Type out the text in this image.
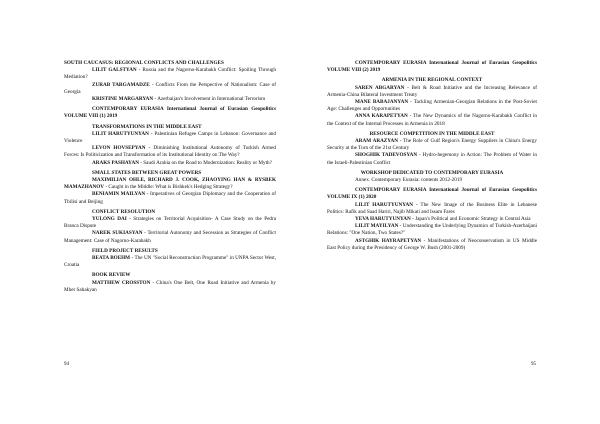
SOUTH CAUCASUS: REGIONAL CONFLICTS AND CHALLENGES

LILIT GALSTYAN - Russia and the Nagorno-Karabakh Conflict: Spoiling Through Mediation?

ZURAB TARGAMADZE - Conflicts From the Perspective of Nationalism: Case of Georgia

KRISTINE MARGARYAN - Azerbaijan's Involvement in International Terrorism

CONTEMPORARY EURASIA International Journal of Eurasian Geopolitics VOLUME VIII (1) 2019

TRANSFORMATIONS IN THE MIDDLE EAST

LILIT HARUTYUNYAN - Palestinian Refugee Camps in Lebanon: Governance and Violence

LEVON HOVSEPYAN - Diminishing Institutional Autonomy of Turkish Armed Forces: Is Politicization and Transformation of its Institutional Identity on The Way?

ARAKS PASHAYAN - Saudi Arabia on the Road to Modernization: Reality or Myth?

SMALL STATES BETWEEN GREAT POWERS

MAXIMILIAN OHLE, RICHARD J. COOK, ZHAOYING HAN & RYSBEK MAMAZHANOV - Caught in the Middle: What is Bishkek's Hedging Strategy?

BENIAMIN MAILYAN - Imperatives of Georgian Diplomacy and the Cooperation of Tbilisi and Beijing

CONFLICT RESOLUTION

YULONG DAI - Strategies on Territorial Acquisition- A Case Study on the Pedra Branca Dispute

NAREK SUKIASYAN - Territorial Autonomy and Secession as Strategies of Conflict Management: Case of Nagorno-Karabakh

FIELD PROJECT RESULTS

BEATA BOEHM - The UN "Social Reconstruction Programme" in UNPA Sector West, Croatia

BOOK REVIEW

MATTHEW CROSSTON - China's One Belt, One Road Initiative and Armenia by Mher Sahakyan

94

CONTEMPORARY EURASIA International Journal of Eurasian Geopolitics VOLUME VIII (2) 2019

ARMENIA IN THE REGIONAL CONTEXT

SAREN ABGARYAN - Belt & Road Initiative and the Increasing Relevance of Armenia-China Bilateral Investment Treaty

MANE BABAJANYAN - Tackling Armenian-Georgian Relations in the Post-Soviet Age: Challenges and Opportunities

ANNA KARAPETYAN - The New Dynamics of the Nagorno-Karabakh Conflict in the Context of the Internal Processes in Armenia in 2018

RESOURCE COMPETITION IN THE MIDDLE EAST

ARAM ARAZYAN - The Role of Gulf Region's Energy Suppliers in China's Energy Security at the Turn of the 21st Century

SHOGHIK TADEVOSYAN - Hydro-hegemony in Action: The Problem of Water in the Israeli-Palestinian Conflict

WORKSHOP DEDICATED TO CONTEMPORARY EURASIA

Annex. Contemporary Eurasia: contents 2012-2019

CONTEMPORARY EURASIA International Journal of Eurasian Geopolitics VOLUME IX (1) 2020

LILIT HARUTYUNYAN - The New Image of the Business Elite in Lebanese Politics: Rafik and Saad Hariri, Najib Mikati and Issam Fares

YEVA HARUTYUNYAN - Japan's Political and Economic Strategy in Central Asia

LILIT MAYILYAN - Understanding the Underlying Dynamics of Turkish-Azerbaijani Relations: "One Nation, Two States?"

ASTGHIK HAYRAPETYAN - Manifestations of Neoconservatism in US Middle East Policy during the Presidency of George W. Bush (2001-2009)

95
